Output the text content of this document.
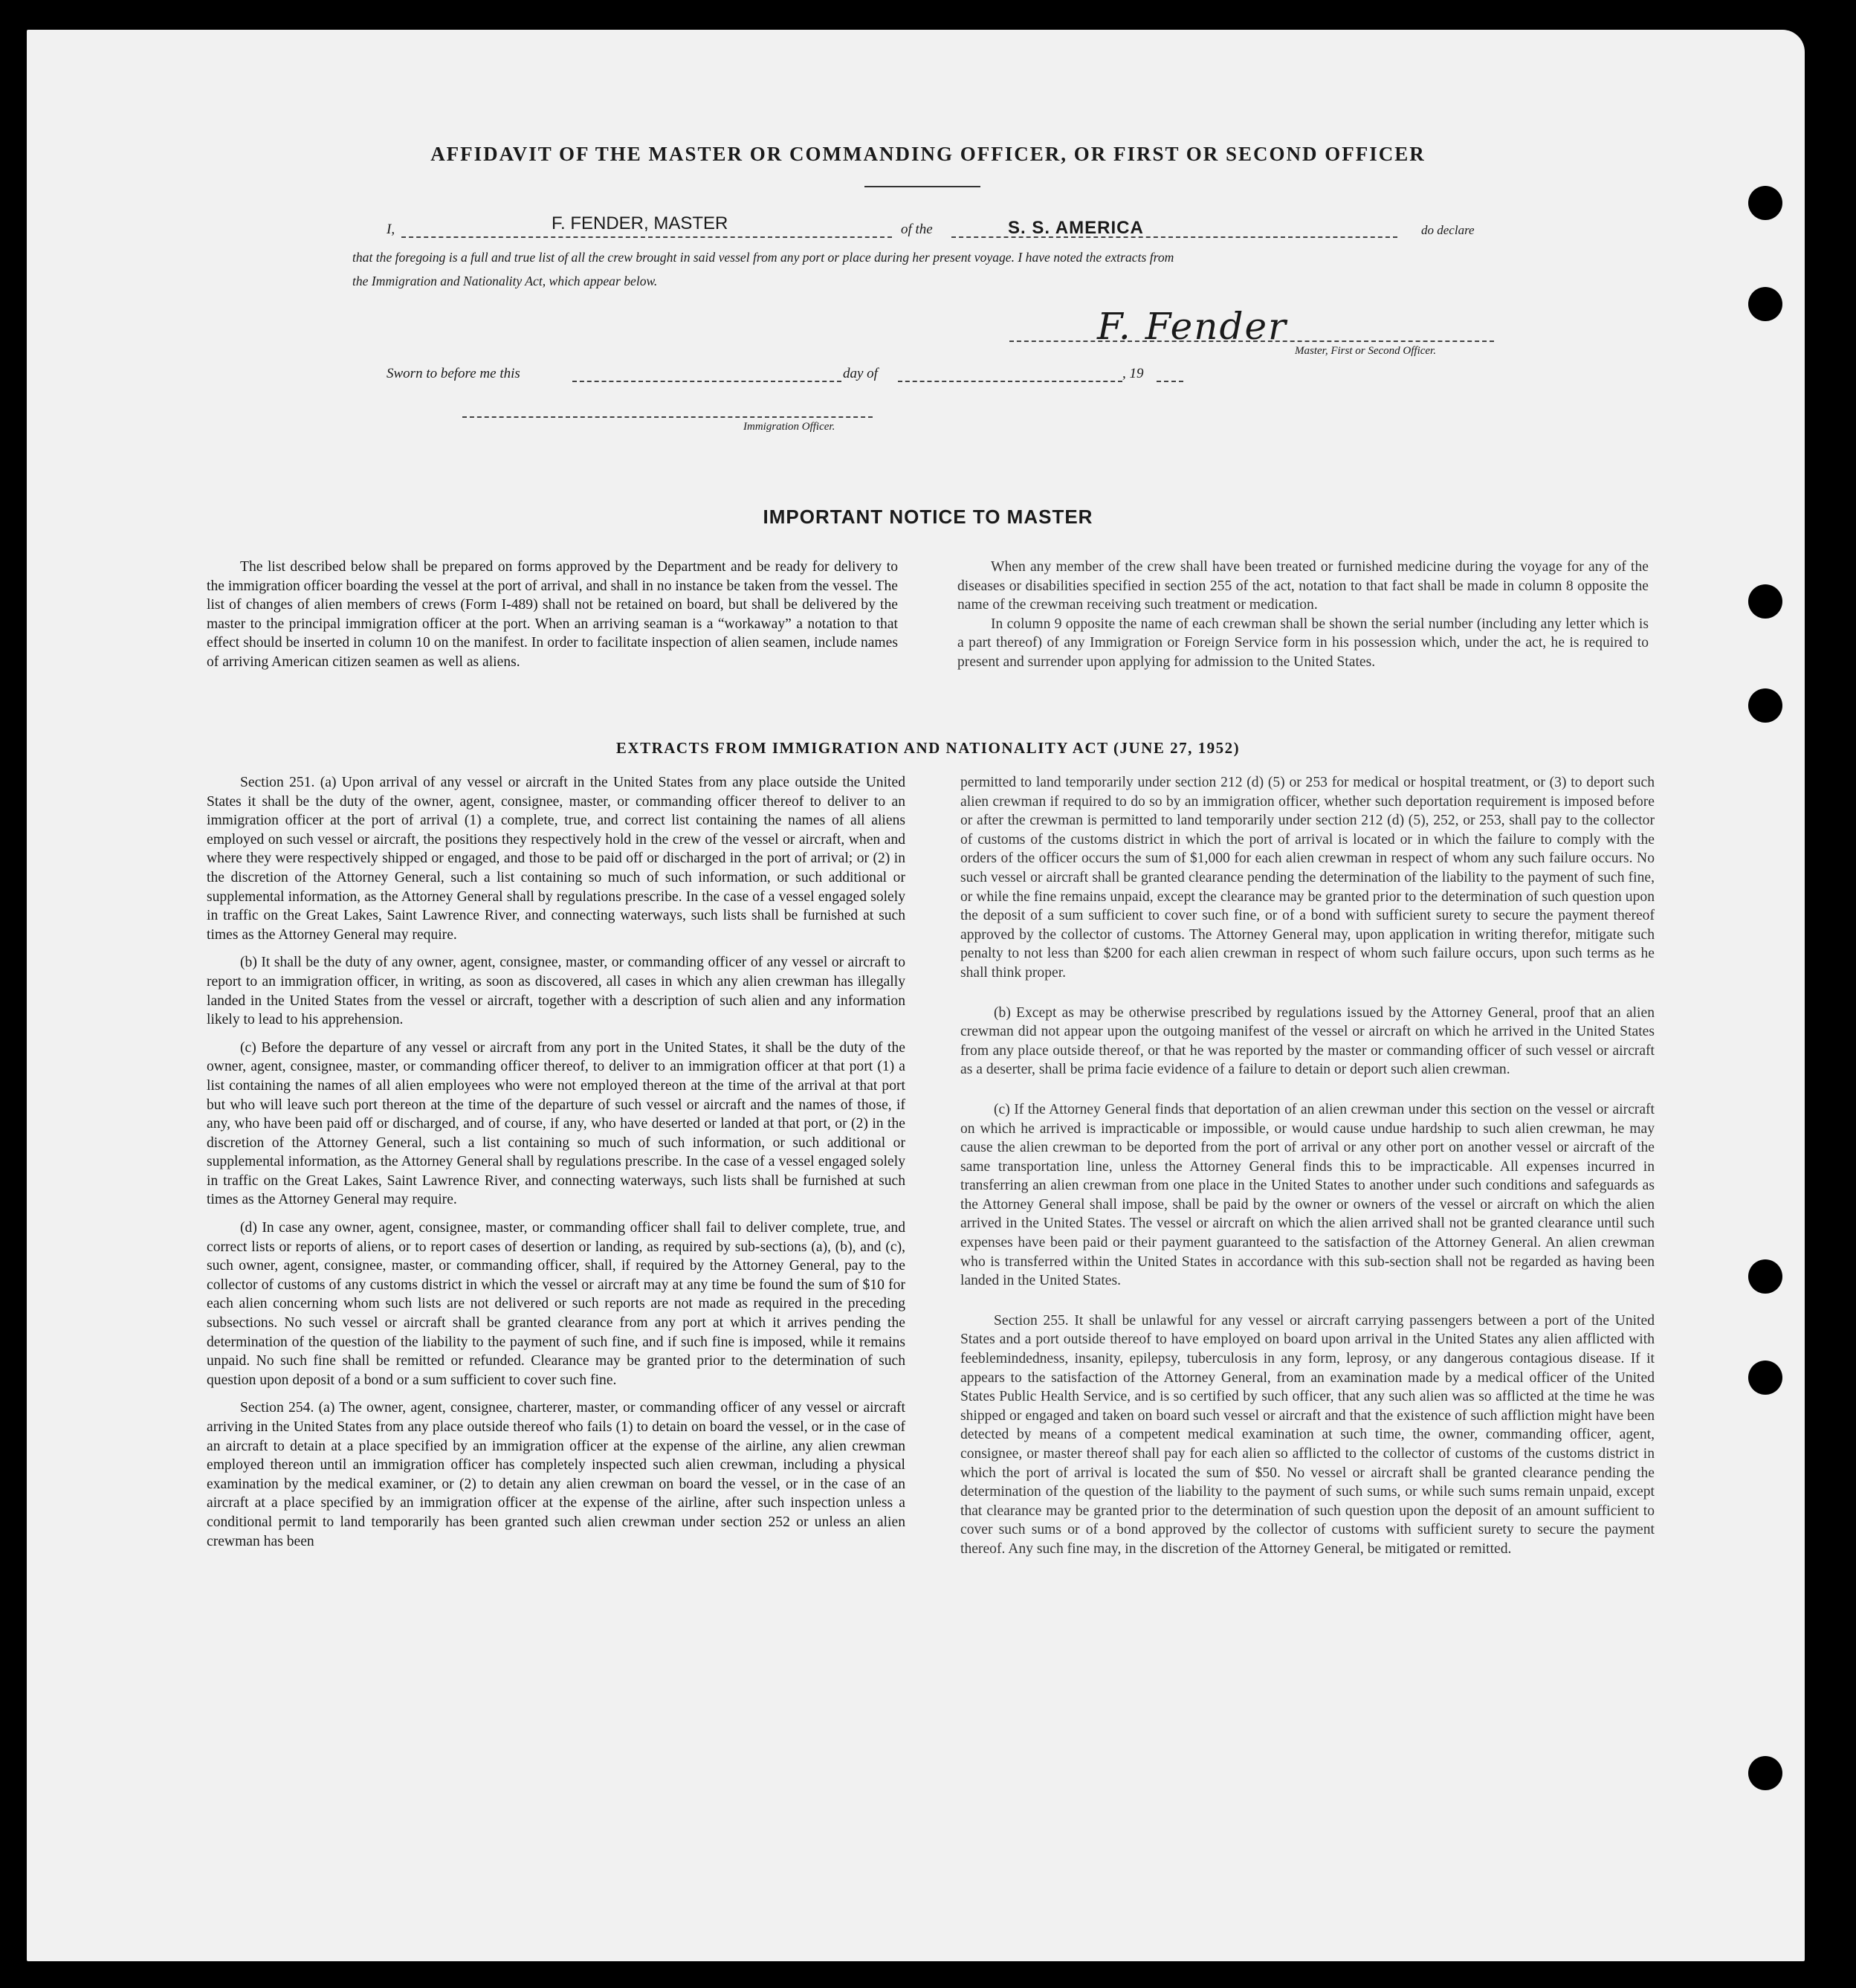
AFFIDAVIT OF THE MASTER OR COMMANDING OFFICER, OR FIRST OR SECOND OFFICER
I,	F. FENDER, MASTER	of the	S. S. AMERICA	do declare
that the foregoing is a full and true list of all the crew brought in said vessel from any port or place during her present voyage. I have noted the extracts from
the Immigration and Nationality Act, which appear below.
F. Fender
Master, First or Second Officer.
Sworn to before me this	day of	, 19
Immigration Officer.
IMPORTANT NOTICE TO MASTER

The list described below shall be prepared on forms approved by the Department and be ready for delivery to the immigration officer boarding the vessel at the port of arrival, and shall in no instance be taken from the vessel. The list of changes of alien members of crews (Form I-489) shall not be retained on board, but shall be delivered by the master to the principal immigration officer at the port. When an arriving seaman is a “workaway” a notation to that effect should be inserted in column 10 on the manifest. In order to facilitate inspection of alien seamen, include names of arriving American citizen seamen as well as aliens.

When any member of the crew shall have been treated or furnished medicine during the voyage for any of the diseases or disabilities specified in section 255 of the act, notation to that fact shall be made in column 8 opposite the name of the crewman receiving such treatment or medication.

In column 9 opposite the name of each crewman shall be shown the serial number (including any letter which is a part thereof) of any Immigration or Foreign Service form in his possession which, under the act, he is required to present and surrender upon applying for admission to the United States.

EXTRACTS FROM IMMIGRATION AND NATIONALITY ACT (JUNE 27, 1952)

Section 251. (a) Upon arrival of any vessel or aircraft in the United States from any place outside the United States it shall be the duty of the owner, agent, consignee, master, or commanding officer thereof to deliver to an immigration officer at the port of arrival (1) a complete, true, and correct list containing the names of all aliens employed on such vessel or aircraft, the positions they respectively hold in the crew of the vessel or aircraft, when and where they were respectively shipped or engaged, and those to be paid off or discharged in the port of arrival; or (2) in the discretion of the Attorney General, such a list containing so much of such information, or such additional or supplemental information, as the Attorney General shall by regulations prescribe. In the case of a vessel engaged solely in traffic on the Great Lakes, Saint Lawrence River, and connecting waterways, such lists shall be furnished at such times as the Attorney General may require.

(b) It shall be the duty of any owner, agent, consignee, master, or commanding officer of any vessel or aircraft to report to an immigration officer, in writing, as soon as discovered, all cases in which any alien crewman has illegally landed in the United States from the vessel or aircraft, together with a description of such alien and any information likely to lead to his apprehension.

(c) Before the departure of any vessel or aircraft from any port in the United States, it shall be the duty of the owner, agent, consignee, master, or commanding officer thereof, to deliver to an immigration officer at that port (1) a list containing the names of all alien employees who were not employed thereon at the time of the arrival at that port but who will leave such port thereon at the time of the departure of such vessel or aircraft and the names of those, if any, who have been paid off or discharged, and of course, if any, who have deserted or landed at that port, or (2) in the discretion of the Attorney General, such a list containing so much of such information, or such additional or supplemental information, as the Attorney General shall by regulations prescribe. In the case of a vessel engaged solely in traffic on the Great Lakes, Saint Lawrence River, and connecting waterways, such lists shall be furnished at such times as the Attorney General may require.

(d) In case any owner, agent, consignee, master, or commanding officer shall fail to deliver complete, true, and correct lists or reports of aliens, or to report cases of desertion or landing, as required by sub-sections (a), (b), and (c), such owner, agent, consignee, master, or commanding officer, shall, if required by the Attorney General, pay to the collector of customs of any customs district in which the vessel or aircraft may at any time be found the sum of $10 for each alien concerning whom such lists are not delivered or such reports are not made as required in the preceding subsections. No such vessel or aircraft shall be granted clearance from any port at which it arrives pending the determination of the question of the liability to the payment of such fine, and if such fine is imposed, while it remains unpaid. No such fine shall be remitted or refunded. Clearance may be granted prior to the determination of such question upon deposit of a bond or a sum sufficient to cover such fine.

Section 254. (a) The owner, agent, consignee, charterer, master, or commanding officer of any vessel or aircraft arriving in the United States from any place outside thereof who fails (1) to detain on board the vessel, or in the case of an aircraft to detain at a place specified by an immigration officer at the expense of the airline, any alien crewman employed thereon until an immigration officer has completely inspected such alien crewman, including a physical examination by the medical examiner, or (2) to detain any alien crewman on board the vessel, or in the case of an aircraft at a place specified by an immigration officer at the expense of the airline, after such inspection unless a conditional permit to land temporarily has been granted such alien crewman under section 252 or unless an alien crewman has been

permitted to land temporarily under section 212 (d) (5) or 253 for medical or hospital treatment, or (3) to deport such alien crewman if required to do so by an immigration officer, whether such deportation requirement is imposed before or after the crewman is permitted to land temporarily under section 212 (d) (5), 252, or 253, shall pay to the collector of customs of the customs district in which the port of arrival is located or in which the failure to comply with the orders of the officer occurs the sum of $1,000 for each alien crewman in respect of whom any such failure occurs. No such vessel or aircraft shall be granted clearance pending the determination of the liability to the payment of such fine, or while the fine remains unpaid, except the clearance may be granted prior to the determination of such question upon the deposit of a sum sufficient to cover such fine, or of a bond with sufficient surety to secure the payment thereof approved by the collector of customs. The Attorney General may, upon application in writing therefor, mitigate such penalty to not less than $200 for each alien crewman in respect of whom such failure occurs, upon such terms as he shall think proper.

(b) Except as may be otherwise prescribed by regulations issued by the Attorney General, proof that an alien crewman did not appear upon the outgoing manifest of the vessel or aircraft on which he arrived in the United States from any place outside thereof, or that he was reported by the master or commanding officer of such vessel or aircraft as a deserter, shall be prima facie evidence of a failure to detain or deport such alien crewman.

(c) If the Attorney General finds that deportation of an alien crewman under this section on the vessel or aircraft on which he arrived is impracticable or impossible, or would cause undue hardship to such alien crewman, he may cause the alien crewman to be deported from the port of arrival or any other port on another vessel or aircraft of the same transportation line, unless the Attorney General finds this to be impracticable. All expenses incurred in transferring an alien crewman from one place in the United States to another under such conditions and safeguards as the Attorney General shall impose, shall be paid by the owner or owners of the vessel or aircraft on which the alien arrived in the United States. The vessel or aircraft on which the alien arrived shall not be granted clearance until such expenses have been paid or their payment guaranteed to the satisfaction of the Attorney General. An alien crewman who is transferred within the United States in accordance with this sub-section shall not be regarded as having been landed in the United States.

Section 255. It shall be unlawful for any vessel or aircraft carrying passengers between a port of the United States and a port outside thereof to have employed on board upon arrival in the United States any alien afflicted with feeblemindedness, insanity, epilepsy, tuberculosis in any form, leprosy, or any dangerous contagious disease. If it appears to the satisfaction of the Attorney General, from an examination made by a medical officer of the United States Public Health Service, and is so certified by such officer, that any such alien was so afflicted at the time he was shipped or engaged and taken on board such vessel or aircraft and that the existence of such affliction might have been detected by means of a competent medical examination at such time, the owner, commanding officer, agent, consignee, or master thereof shall pay for each alien so afflicted to the collector of customs of the customs district in which the port of arrival is located the sum of $50. No vessel or aircraft shall be granted clearance pending the determination of the question of the liability to the payment of such sums, or while such sums remain unpaid, except that clearance may be granted prior to the determination of such question upon the deposit of an amount sufficient to cover such sums or of a bond approved by the collector of customs with sufficient surety to secure the payment thereof. Any such fine may, in the discretion of the Attorney General, be mitigated or remitted.
